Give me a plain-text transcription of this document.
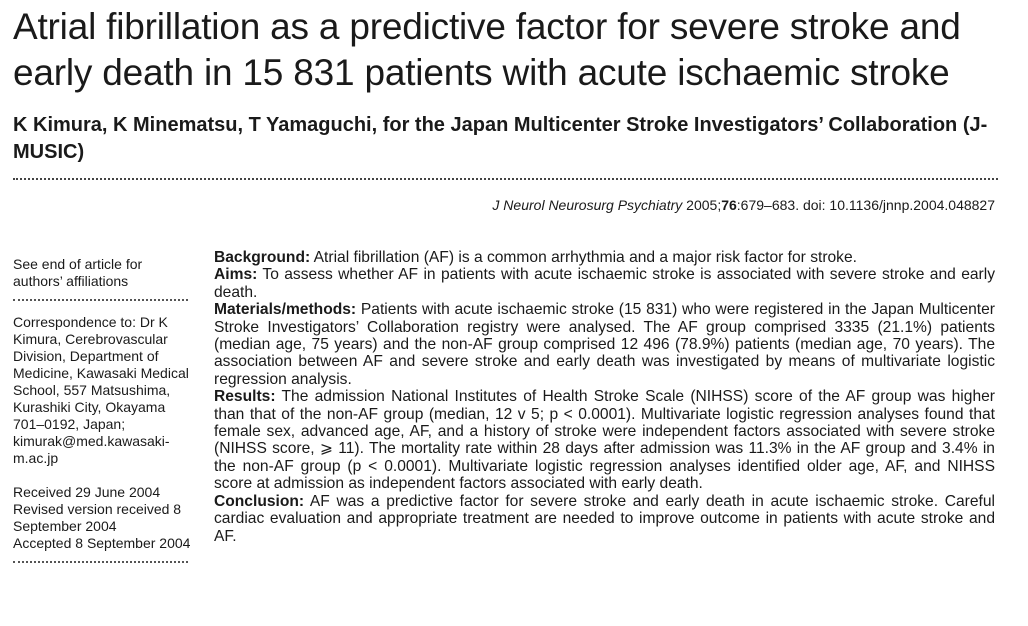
Atrial fibrillation as a predictive factor for severe stroke and early death in 15 831 patients with acute ischaemic stroke
K Kimura, K Minematsu, T Yamaguchi, for the Japan Multicenter Stroke Investigators’ Collaboration (J-MUSIC)
J Neurol Neurosurg Psychiatry 2005;76:679–683. doi: 10.1136/jnnp.2004.048827

See end of article for authors’ affiliations

Correspondence to: Dr K Kimura, Cerebrovascular Division, Department of Medicine, Kawasaki Medical School, 557 Matsushima, Kurashiki City, Okayama 701–0192, Japan; kimurak@med.kawasaki-m.ac.jp

Received 29 June 2004

Revised version received 8 September 2004

Accepted 8 September 2004

Background: Atrial fibrillation (AF) is a common arrhythmia and a major risk factor for stroke.

Aims: To assess whether AF in patients with acute ischaemic stroke is associated with severe stroke and early death.

Materials/methods: Patients with acute ischaemic stroke (15 831) who were registered in the Japan Multicenter Stroke Investigators’ Collaboration registry were analysed. The AF group comprised 3335 (21.1%) patients (median age, 75 years) and the non-AF group comprised 12 496 (78.9%) patients (median age, 70 years). The association between AF and severe stroke and early death was investigated by means of multivariate logistic regression analysis.

Results: The admission National Institutes of Health Stroke Scale (NIHSS) score of the AF group was higher than that of the non-AF group (median, 12 v 5; p < 0.0001). Multivariate logistic regression analyses found that female sex, advanced age, AF, and a history of stroke were independent factors associated with severe stroke (NIHSS score, ⩾ 11). The mortality rate within 28 days after admission was 11.3% in the AF group and 3.4% in the non-AF group (p < 0.0001). Multivariate logistic regression analyses identified older age, AF, and NIHSS score at admission as independent factors associated with early death.

Conclusion: AF was a predictive factor for severe stroke and early death in acute ischaemic stroke. Careful cardiac evaluation and appropriate treatment are needed to improve outcome in patients with acute stroke and AF.
